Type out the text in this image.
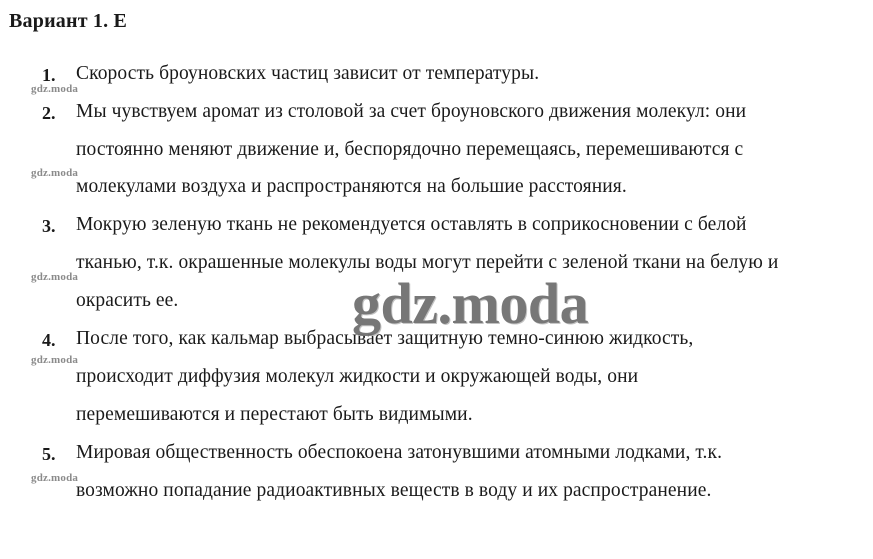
Вариант 1. Е
1. Скорость броуновских частиц зависит от температуры.
2. Мы чувствуем аромат из столовой за счет броуновского движения молекул: они
постоянно меняют движение и, беспорядочно перемещаясь, перемешиваются с
молекулами воздуха и распространяются на большие расстояния.
3. Мокрую зеленую ткань не рекомендуется оставлять в соприкосновении с белой
тканью, т.к. окрашенные молекулы воды могут перейти с зеленой ткани на белую и
окрасить ее.
4. После того, как кальмар выбрасывает защитную темно-синюю жидкость,
происходит диффузия молекул жидкости и окружающей воды, они
перемешиваются и перестают быть видимыми.
5. Мировая общественность обеспокоена затонувшими атомными лодками, т.к.
возможно попадание радиоактивных веществ в воду и их распространение.
gdz.moda
gdz.moda
gdz.moda
gdz.moda
gdz.moda
gdz.moda
